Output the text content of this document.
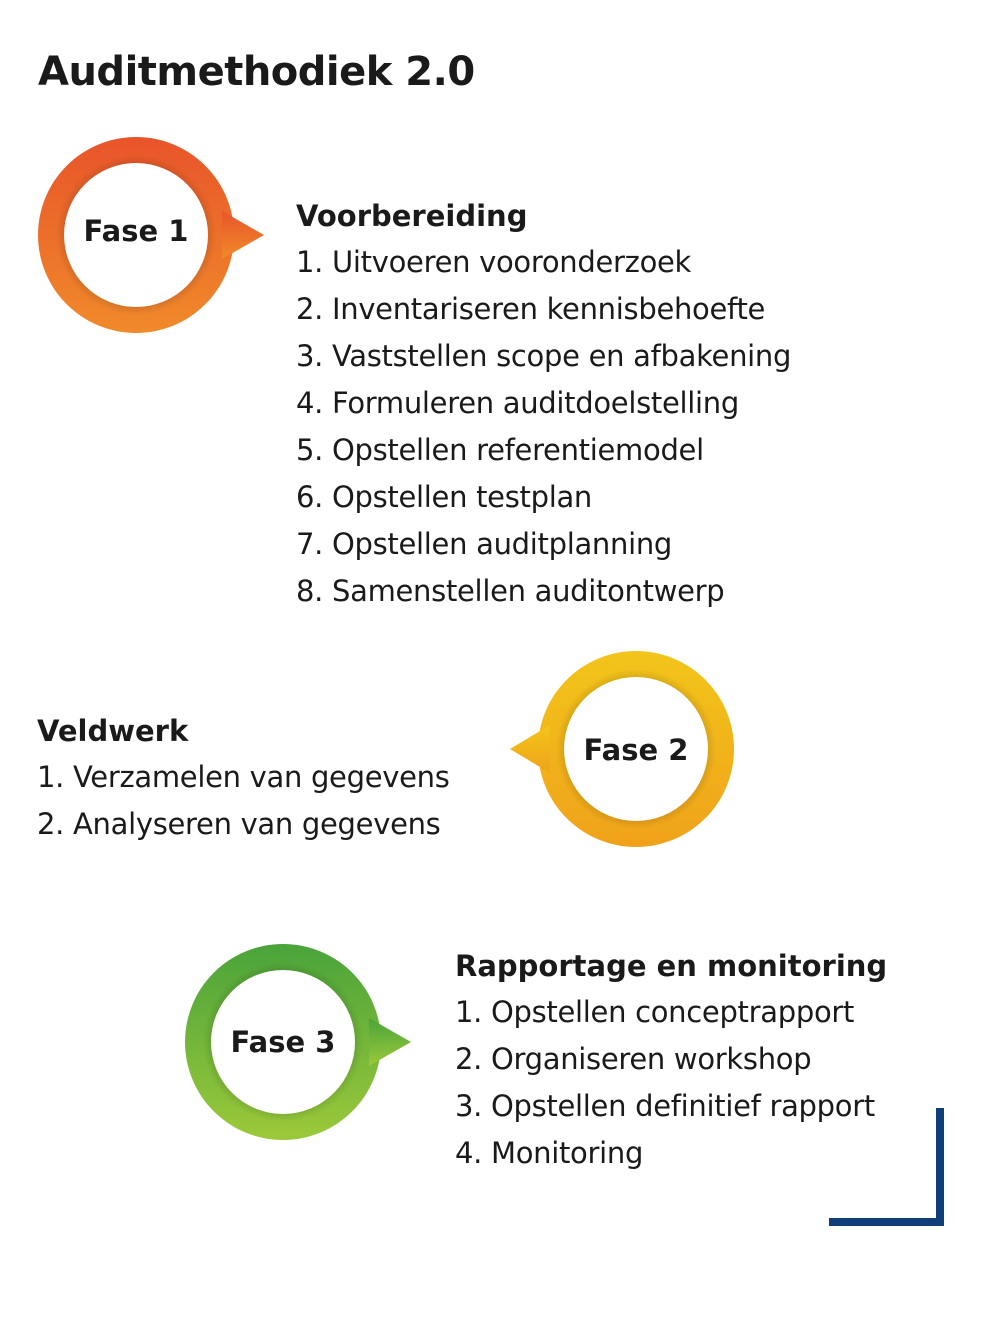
Auditmethodiek 2.0
Fase 1	Voorbereiding
1. Uitvoeren vooronderzoek
2. Inventariseren kennisbehoefte
3. Vaststellen scope en afbakening
4. Formuleren auditdoelstelling
5. Opstellen referentiemodel
6. Opstellen testplan
7. Opstellen auditplanning
8. Samenstellen auditontwerp
Fase 2
Veldwerk
1. Verzamelen van gegevens
2. Analyseren van gegevens
Fase 3
Rapportage en monitoring
1. Opstellen conceptrapport
2. Organiseren workshop
3. Opstellen definitief rapport
4. Monitoring
